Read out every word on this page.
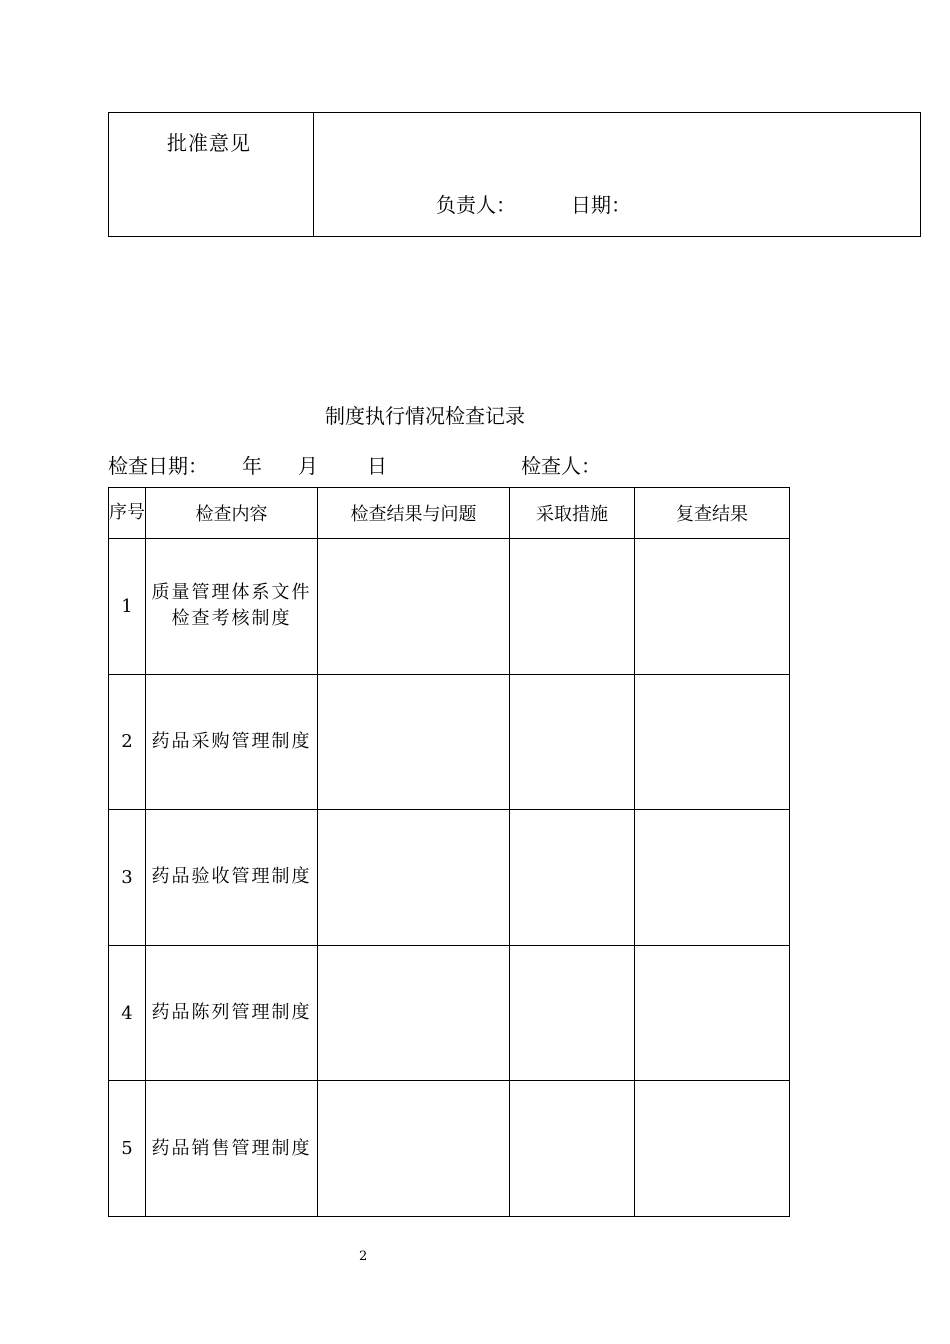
批准意见
负责人：	日期：
制度执行情况检查记录
检查日期： 年 月 日	检查人：
序号	检查内容	检查结果与问题	采取措施	复查结果
1	质量管理体系文件检查考核制度			
2	药品采购管理制度			
3	药品验收管理制度			
4	药品陈列管理制度			
5	药品销售管理制度			
2
